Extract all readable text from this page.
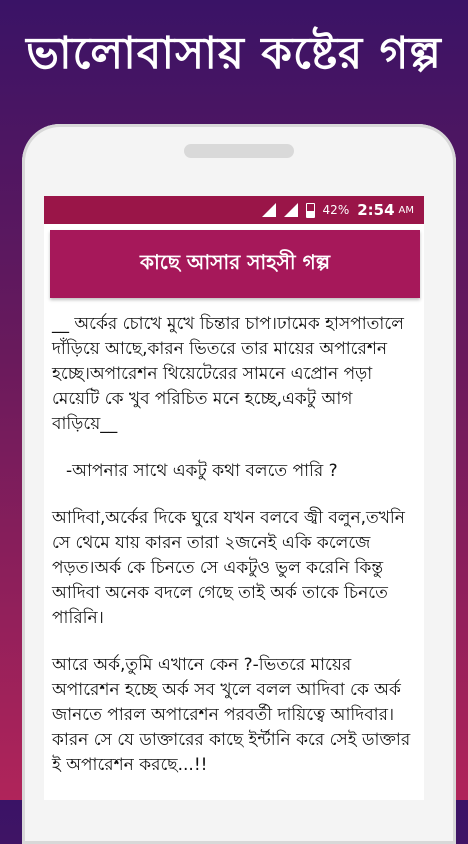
ভালোবাসায় কষ্টের গল্প
42% 2:54 AM
কাছে আসার সাহসী গল্প

__ অর্কের চোখে মুখে চিন্তার চাপ।ঢামেক হাসপাতালে দাঁড়িয়ে আছে,কারন ভিতরে তার মায়ের অপারেশন হচ্ছে।অপারেশন থিয়েটেরের সামনে এপ্রোন পড়া মেয়েটি কে খুব পরিচিত মনে হচ্ছে,একটু আগ বাড়িয়ে__

-আপনার সাথে একটু কথা বলতে পারি ?

আদিবা,অর্কের দিকে ঘুরে যখন বলবে জ্বী বলুন,তখনি সে থেমে যায় কারন তারা ২জনেই একি কলেজে পড়ত।অর্ক কে চিনতে সে একটুও ভুল করেনি কিন্তু আদিবা অনেক বদলে গেছে তাই অর্ক তাকে চিনতে পারিনি।

আরে অর্ক,তুমি এখানে কেন ?-ভিতরে মায়ের অপারেশন হচ্ছে অর্ক সব খুলে বলল আদিবা কে অর্ক জানতে পারল অপারেশন পরবর্তী দায়িত্বে আদিবার। কারন সে যে ডাক্তারের কাছে ইর্ন্টানি করে সেই ডাক্তার ই অপারেশন করছে...!!
